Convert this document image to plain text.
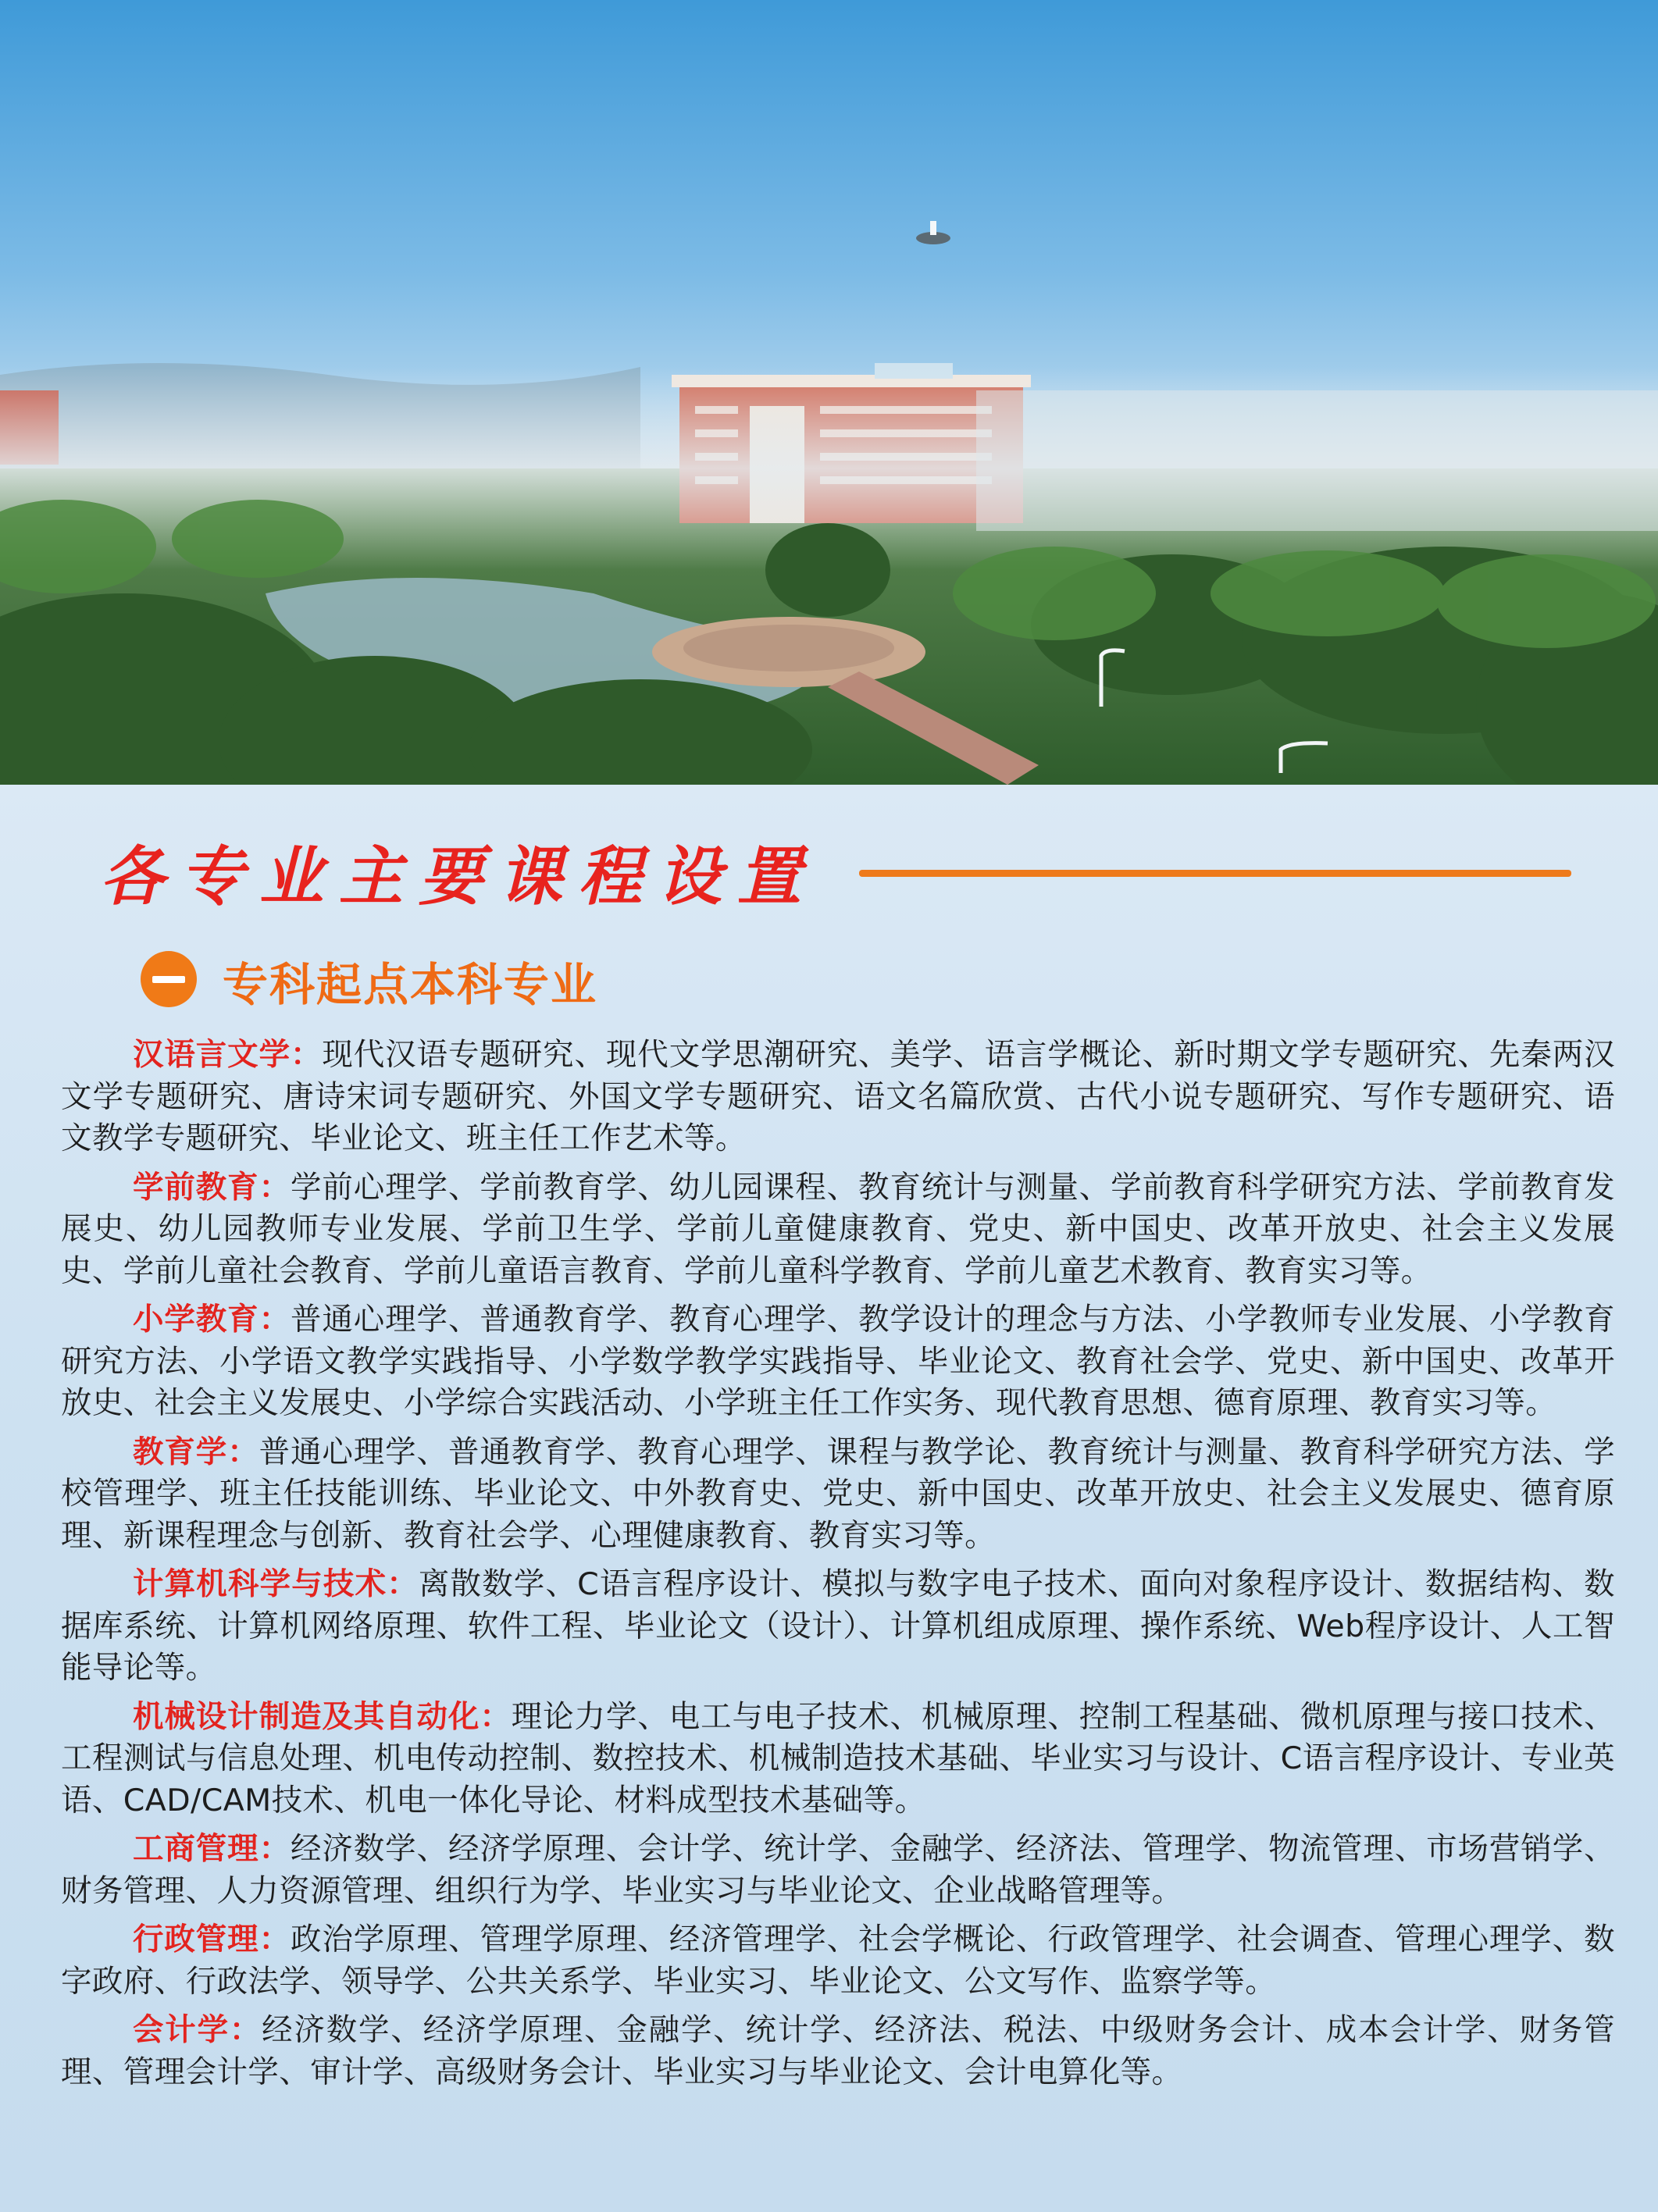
各专业主要课程设置
专科起点本科专业

汉语言文学：现代汉语专题研究、现代文学思潮研究、美学、语言学概论、新时期文学专题研究、先秦两汉文学专题研究、唐诗宋词专题研究、外国文学专题研究、语文名篇欣赏、古代小说专题研究、写作专题研究、语文教学专题研究、毕业论文、班主任工作艺术等。

学前教育：学前心理学、学前教育学、幼儿园课程、教育统计与测量、学前教育科学研究方法、学前教育发展史、幼儿园教师专业发展、学前卫生学、学前儿童健康教育、党史、新中国史、改革开放史、社会主义发展史、学前儿童社会教育、学前儿童语言教育、学前儿童科学教育、学前儿童艺术教育、教育实习等。

小学教育：普通心理学、普通教育学、教育心理学、教学设计的理念与方法、小学教师专业发展、小学教育研究方法、小学语文教学实践指导、小学数学教学实践指导、毕业论文、教育社会学、党史、新中国史、改革开放史、社会主义发展史、小学综合实践活动、小学班主任工作实务、现代教育思想、德育原理、教育实习等。

教育学：普通心理学、普通教育学、教育心理学、课程与教学论、教育统计与测量、教育科学研究方法、学校管理学、班主任技能训练、毕业论文、中外教育史、党史、新中国史、改革开放史、社会主义发展史、德育原理、新课程理念与创新、教育社会学、心理健康教育、教育实习等。

计算机科学与技术：离散数学、C语言程序设计、模拟与数字电子技术、面向对象程序设计、数据结构、数据库系统、计算机网络原理、软件工程、毕业论文（设计）、计算机组成原理、操作系统、Web程序设计、人工智能导论等。

机械设计制造及其自动化：理论力学、电工与电子技术、机械原理、控制工程基础、微机原理与接口技术、工程测试与信息处理、机电传动控制、数控技术、机械制造技术基础、毕业实习与设计、C语言程序设计、专业英语、CAD/CAM技术、机电一体化导论、材料成型技术基础等。

工商管理：经济数学、经济学原理、会计学、统计学、金融学、经济法、管理学、物流管理、市场营销学、财务管理、人力资源管理、组织行为学、毕业实习与毕业论文、企业战略管理等。

行政管理：政治学原理、管理学原理、经济管理学、社会学概论、行政管理学、社会调查、管理心理学、数字政府、行政法学、领导学、公共关系学、毕业实习、毕业论文、公文写作、监察学等。

会计学：经济数学、经济学原理、金融学、统计学、经济法、税法、中级财务会计、成本会计学、财务管理、管理会计学、审计学、高级财务会计、毕业实习与毕业论文、会计电算化等。
